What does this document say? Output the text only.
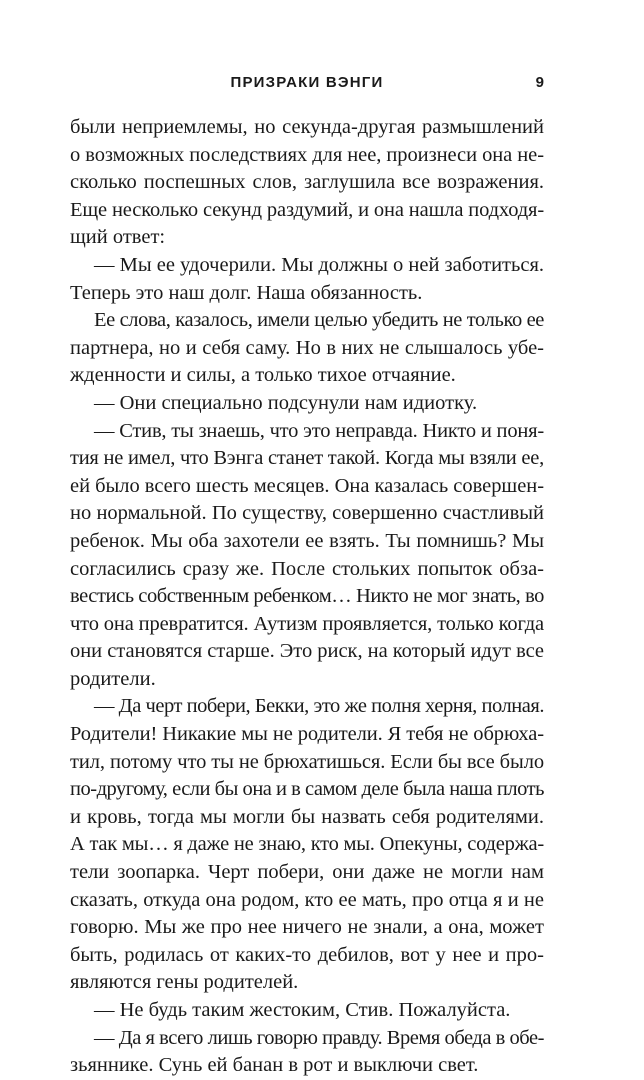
ПРИЗРАКИ ВЭНГИ	9
были неприемлемы, но секунда-другая размышлений
о возможных последствиях для нее, произнеси она не-
сколько поспешных слов, заглушила все возражения.
Еще несколько секунд раздумий, и она нашла подходя-
щий ответ:
— Мы ее удочерили. Мы должны о ней заботиться.
Теперь это наш долг. Наша обязанность.
Ее слова, казалось, имели целью убедить не только ее
партнера, но и себя саму. Но в них не слышалось убе-
жденности и силы, а только тихое отчаяние.
— Они специально подсунули нам идиотку.
— Стив, ты знаешь, что это неправда. Никто и поня-
тия не имел, что Вэнга станет такой. Когда мы взяли ее,
ей было всего шесть месяцев. Она казалась совершен-
но нормальной. По существу, совершенно счастливый
ребенок. Мы оба захотели ее взять. Ты помнишь? Мы
согласились сразу же. После стольких попыток обза-
вестись собственным ребенком… Никто не мог знать, во
что она превратится. Аутизм проявляется, только когда
они становятся старше. Это риск, на который идут все
родители.
— Да черт побери, Бекки, это же полня херня, полная.
Родители! Никакие мы не родители. Я тебя не обрюха-
тил, потому что ты не брюхатишься. Если бы все было
по-другому, если бы она и в самом деле была наша плоть
и кровь, тогда мы могли бы назвать себя родителями.
А так мы… я даже не знаю, кто мы. Опекуны, содержа-
тели зоопарка. Черт побери, они даже не могли нам
сказать, откуда она родом, кто ее мать, про отца я и не
говорю. Мы же про нее ничего не знали, а она, может
быть, родилась от каких-то дебилов, вот у нее и про-
являются гены родителей.
— Не будь таким жестоким, Стив. Пожалуйста.
— Да я всего лишь говорю правду. Время обеда в обе-
зьяннике. Сунь ей банан в рот и выключи свет.
